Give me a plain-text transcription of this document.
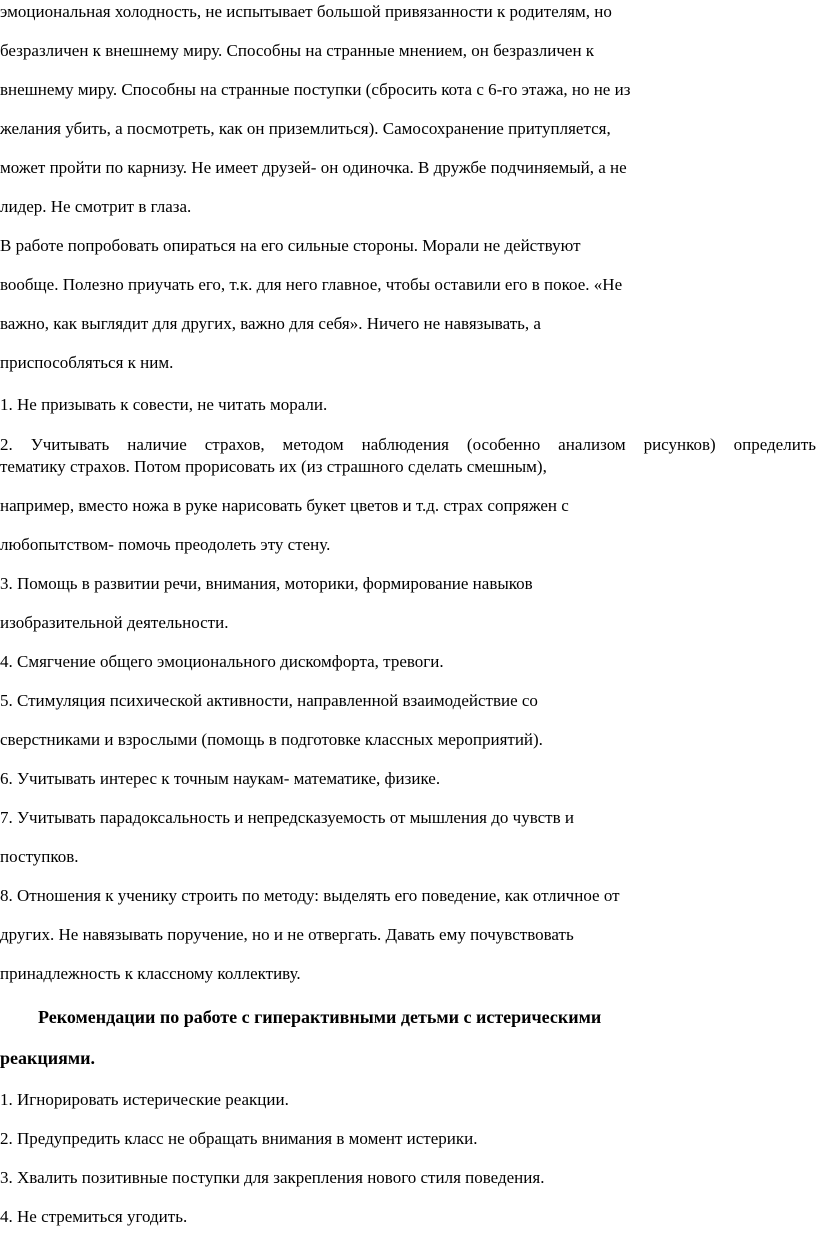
эмоциональная холодность, не испытывает большой привязанности к родителям, но
безразличен к внешнему миру. Способны на странные мнением, он безразличен к
внешнему миру. Способны на странные поступки (сбросить кота с 6-го этажа, но не из
желания убить, а посмотреть, как он приземлиться). Самосохранение притупляется,
может пройти по карнизу. Не имеет друзей- он одиночка. В дружбе подчиняемый, а не
лидер. Не смотрит в глаза.
В работе попробовать опираться на его сильные стороны. Морали не действуют
вообще. Полезно приучать его, т.к. для него главное, чтобы оставили его в покое. «Не
важно, как выглядит для других, важно для себя». Ничего не навязывать, а
приспособляться к ним.
1. Не призывать к совести, не читать морали.
2. Учитывать наличие страхов, методом наблюдения (особенно анализом рисунков) определить
тематику страхов. Потом прорисовать их (из страшного сделать смешным),
например, вместо ножа в руке нарисовать букет цветов и т.д. страх сопряжен с
любопытством- помочь преодолеть эту стену.
3. Помощь в развитии речи, внимания, моторики, формирование навыков
изобразительной деятельности.
4. Смягчение общего эмоционального дискомфорта, тревоги.
5. Стимуляция психической активности, направленной взаимодействие со
сверстниками и взрослыми (помощь в подготовке классных мероприятий).
6. Учитывать интерес к точным наукам- математике, физике.
7. Учитывать парадоксальность и непредсказуемость от мышления до чувств и
поступков.
8. Отношения к ученику строить по методу: выделять его поведение, как отличное от
других. Не навязывать поручение, но и не отвергать. Давать ему почувствовать
принадлежность к классному коллективу.
Рекомендации по работе с гиперактивными детьми с истерическими
реакциями.
1. Игнорировать истерические реакции.
2. Предупредить класс не обращать внимания в момент истерики.
3. Хвалить позитивные поступки для закрепления нового стиля поведения.
4. Не стремиться угодить.
